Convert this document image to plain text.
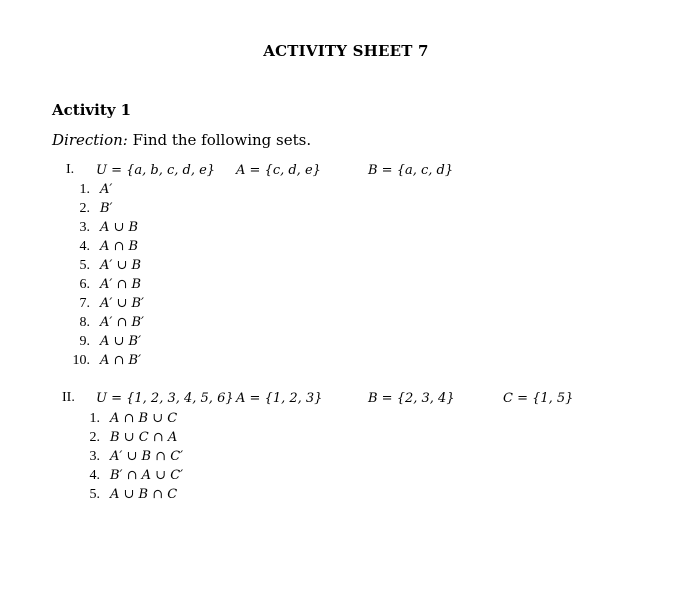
ACTIVITY SHEET 7
Activity 1
Direction: Find the following sets.
I. U = {a, b, c, d, e} A = {c, d, e}	B = {a, c, d}
1. A′
2. B′
3. A ∪ B
4. A ∩ B
5. A′ ∪ B
6. A′ ∩ B
7. A′ ∪ B′
8. A′ ∩ B′
9. A ∪ B′
10. A ∩ B′
II. U = {1, 2, 3, 4, 5, 6} A = {1, 2, 3}	B = {2, 3, 4}	C = {1, 5}
1. A ∩ B ∪ C
2. B ∪ C ∩ A
3. A′ ∪ B ∩ C′
4. B′ ∩ A ∪ C′
5. A ∪ B ∩ C
